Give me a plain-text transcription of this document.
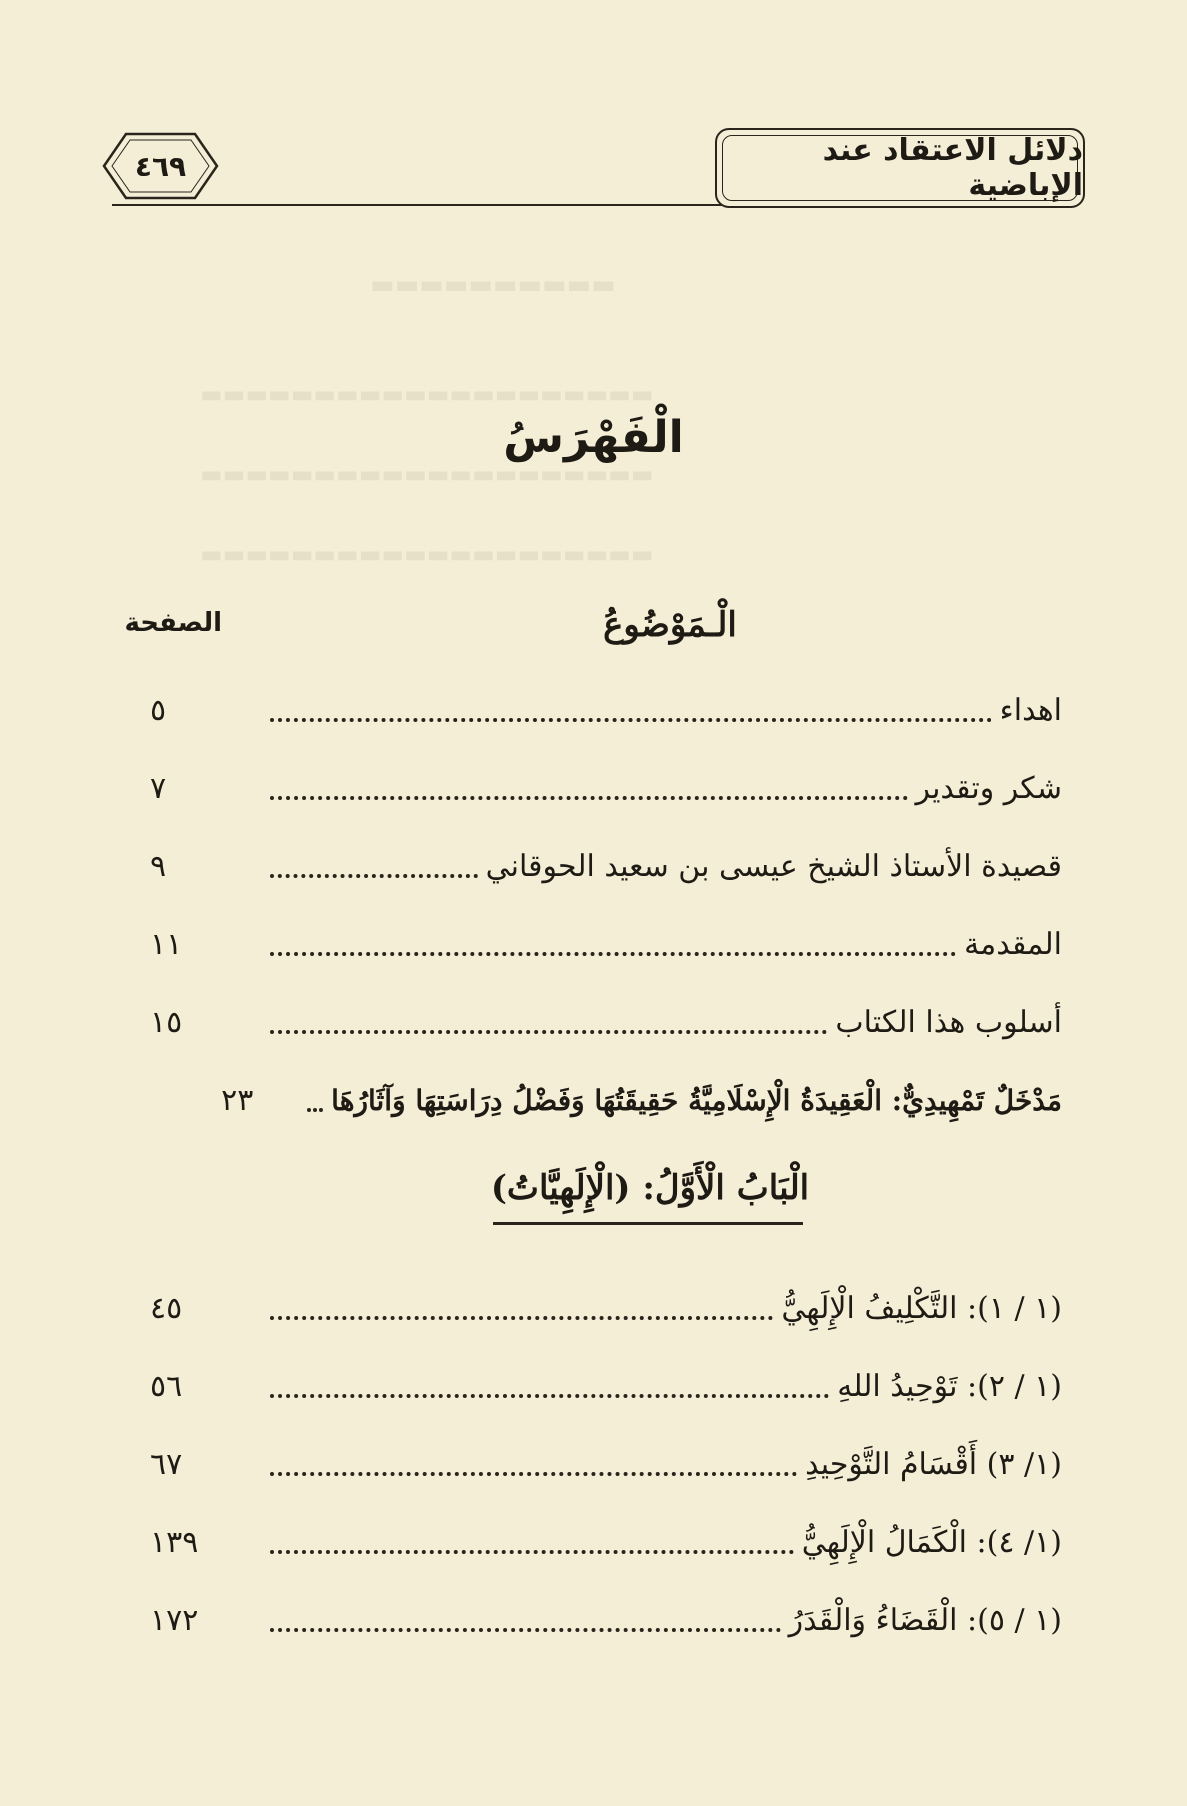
▬▬▬▬▬▬▬▬▬▬
▬▬▬▬▬▬▬▬▬▬▬▬▬▬▬▬▬▬▬▬
▬▬▬▬▬▬▬▬▬▬▬▬▬▬▬▬▬▬▬▬
▬▬▬▬▬▬▬▬▬▬▬▬▬▬▬▬▬▬▬▬
دلائل الاعتقاد عند الإباضية
٤٦٩
الْفَهْرَسُ
الْـمَوْضُوعُ
الصفحة
اهداء
٥
شكر وتقدير
٧
قصيدة الأستاذ الشيخ عيسى بن سعيد الحوقاني
٩
المقدمة
١١
أسلوب هذا الكتاب
١٥
مَدْخَلٌ تَمْهِيدِيٌّ: الْعَقِيدَةُ الْإِسْلَامِيَّةُ حَقِيقَتُهَا وَفَضْلُ دِرَاسَتِهَا وَآثَارُهَا
٢٣
الْبَابُ الْأَوَّلُ: (الْإِلَهِيَّاتُ)
(١ / ١): التَّكْلِيفُ الْإِلَهِيُّ
٤٥
(١ / ٢): تَوْحِيدُ اللهِ
٥٦
(١/ ٣) أَقْسَامُ التَّوْحِيدِ
٦٧
(١/ ٤): الْكَمَالُ الْإِلَهِيُّ
١٣٩
(١ / ٥): الْقَضَاءُ وَالْقَدَرُ
١٧٢
